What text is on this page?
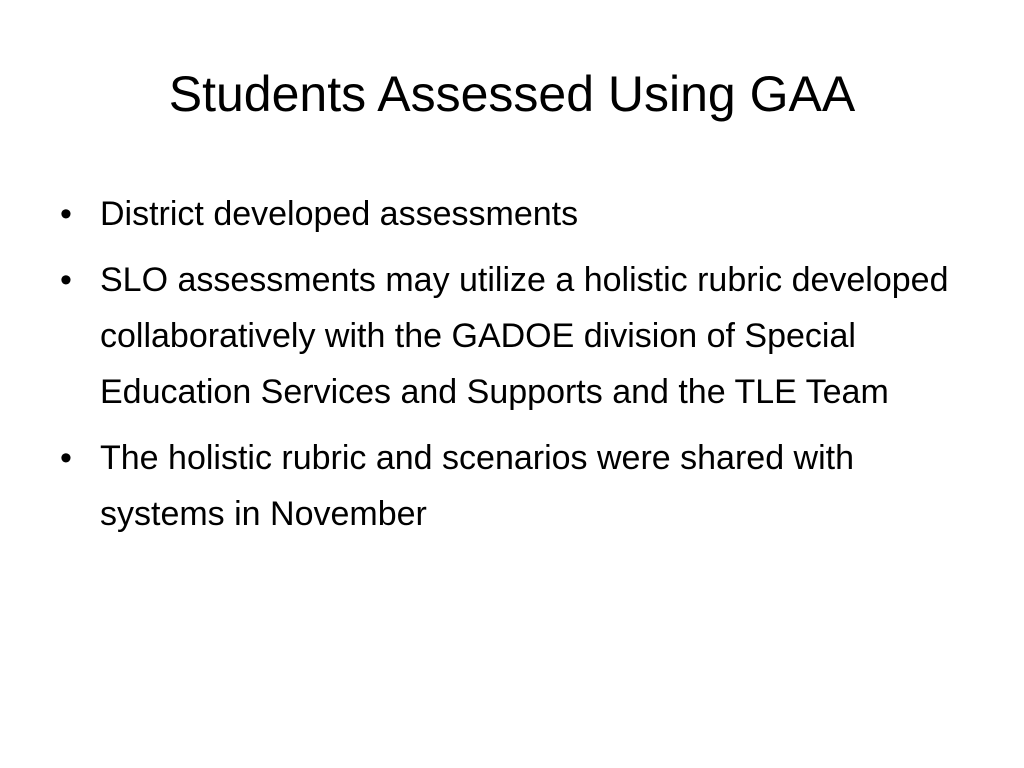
Students Assessed Using GAA
• District developed assessments
• SLO assessments may utilize a holistic rubric developed collaboratively with the GADOE division of Special Education Services and Supports and the TLE Team
• The holistic rubric and scenarios were shared with systems in November
